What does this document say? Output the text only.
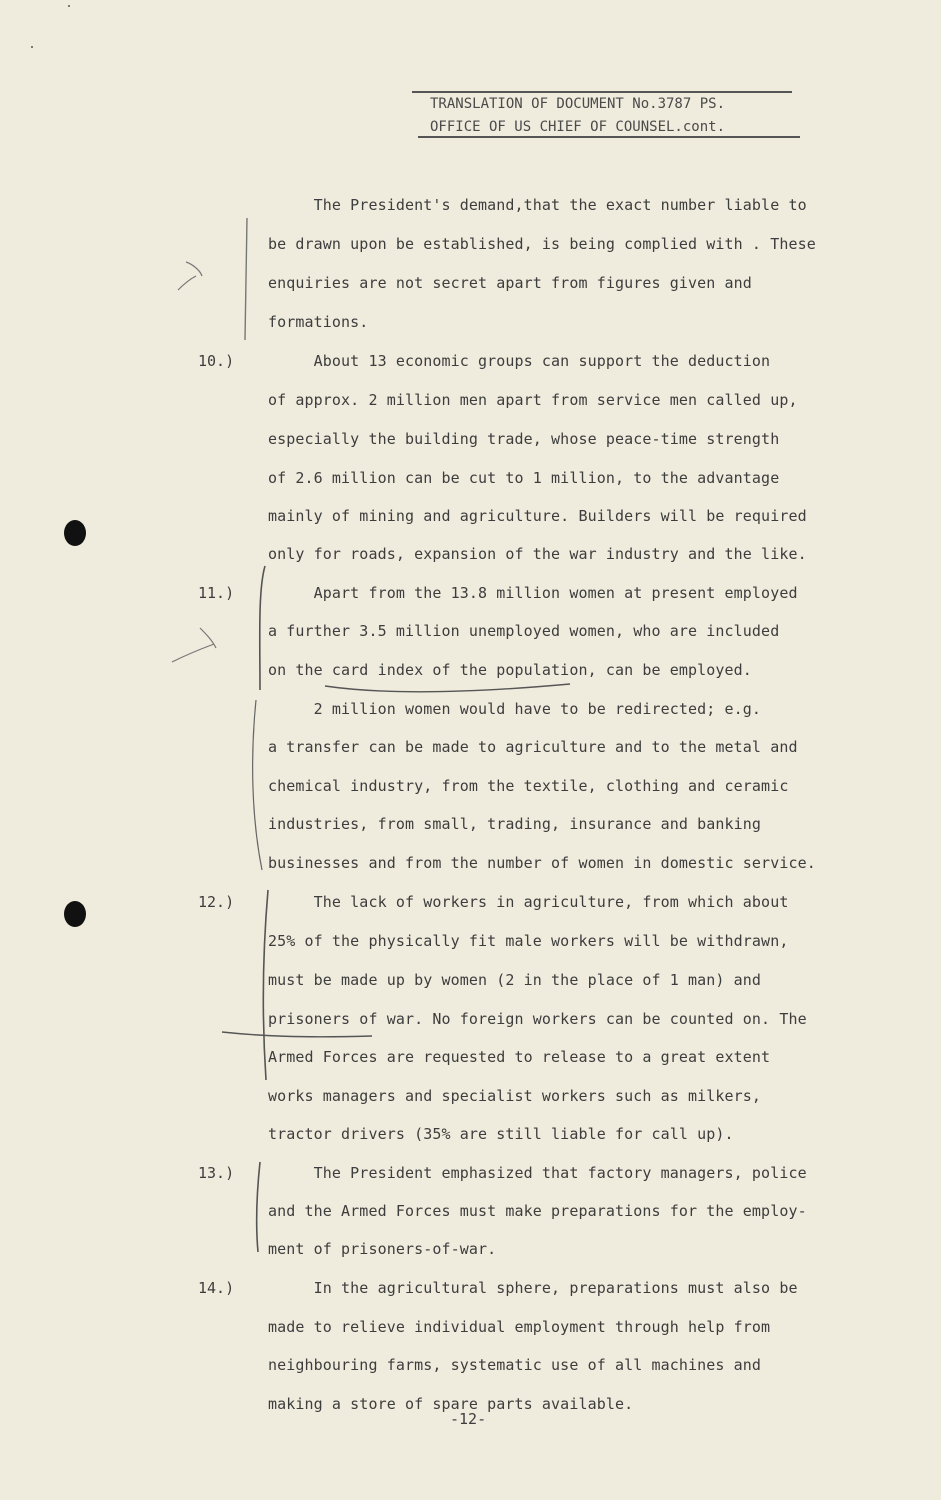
TRANSLATION OF DOCUMENT No.3787 PS.
OFFICE OF US CHIEF OF COUNSEL.cont.
The President's demand,that the exact number liable to
be drawn upon be established, is being complied with . These
enquiries are not secret apart from figures given and
formations.
10.) About 13 economic groups can support the deduction
of approx. 2 million men apart from service men called up,
especially the building trade, whose peace-time strength
of 2.6 million can be cut to 1 million, to the advantage
mainly of mining and agriculture. Builders will be required
only for roads, expansion of the war industry and the like.
11.) Apart from the 13.8 million women at present employed
a further 3.5 million unemployed women, who are included
on the card index of the population, can be employed.
2 million women would have to be redirected; e.g.
a transfer can be made to agriculture and to the metal and
chemical industry, from the textile, clothing and ceramic
industries, from small, trading, insurance and banking
businesses and from the number of women in domestic service.
12.) The lack of workers in agriculture, from which about
25% of the physically fit male workers will be withdrawn,
must be made up by women (2 in the place of 1 man) and
prisoners of war. No foreign workers can be counted on. The
Armed Forces are requested to release to a great extent
works managers and specialist workers such as milkers,
tractor drivers (35% are still liable for call up).
13.) The President emphasized that factory managers, police
and the Armed Forces must make preparations for the employ-
ment of prisoners-of-war.
14.) In the agricultural sphere, preparations must also be
made to relieve individual employment through help from
neighbouring farms, systematic use of all machines and
making a store of spare parts available.
-12-
